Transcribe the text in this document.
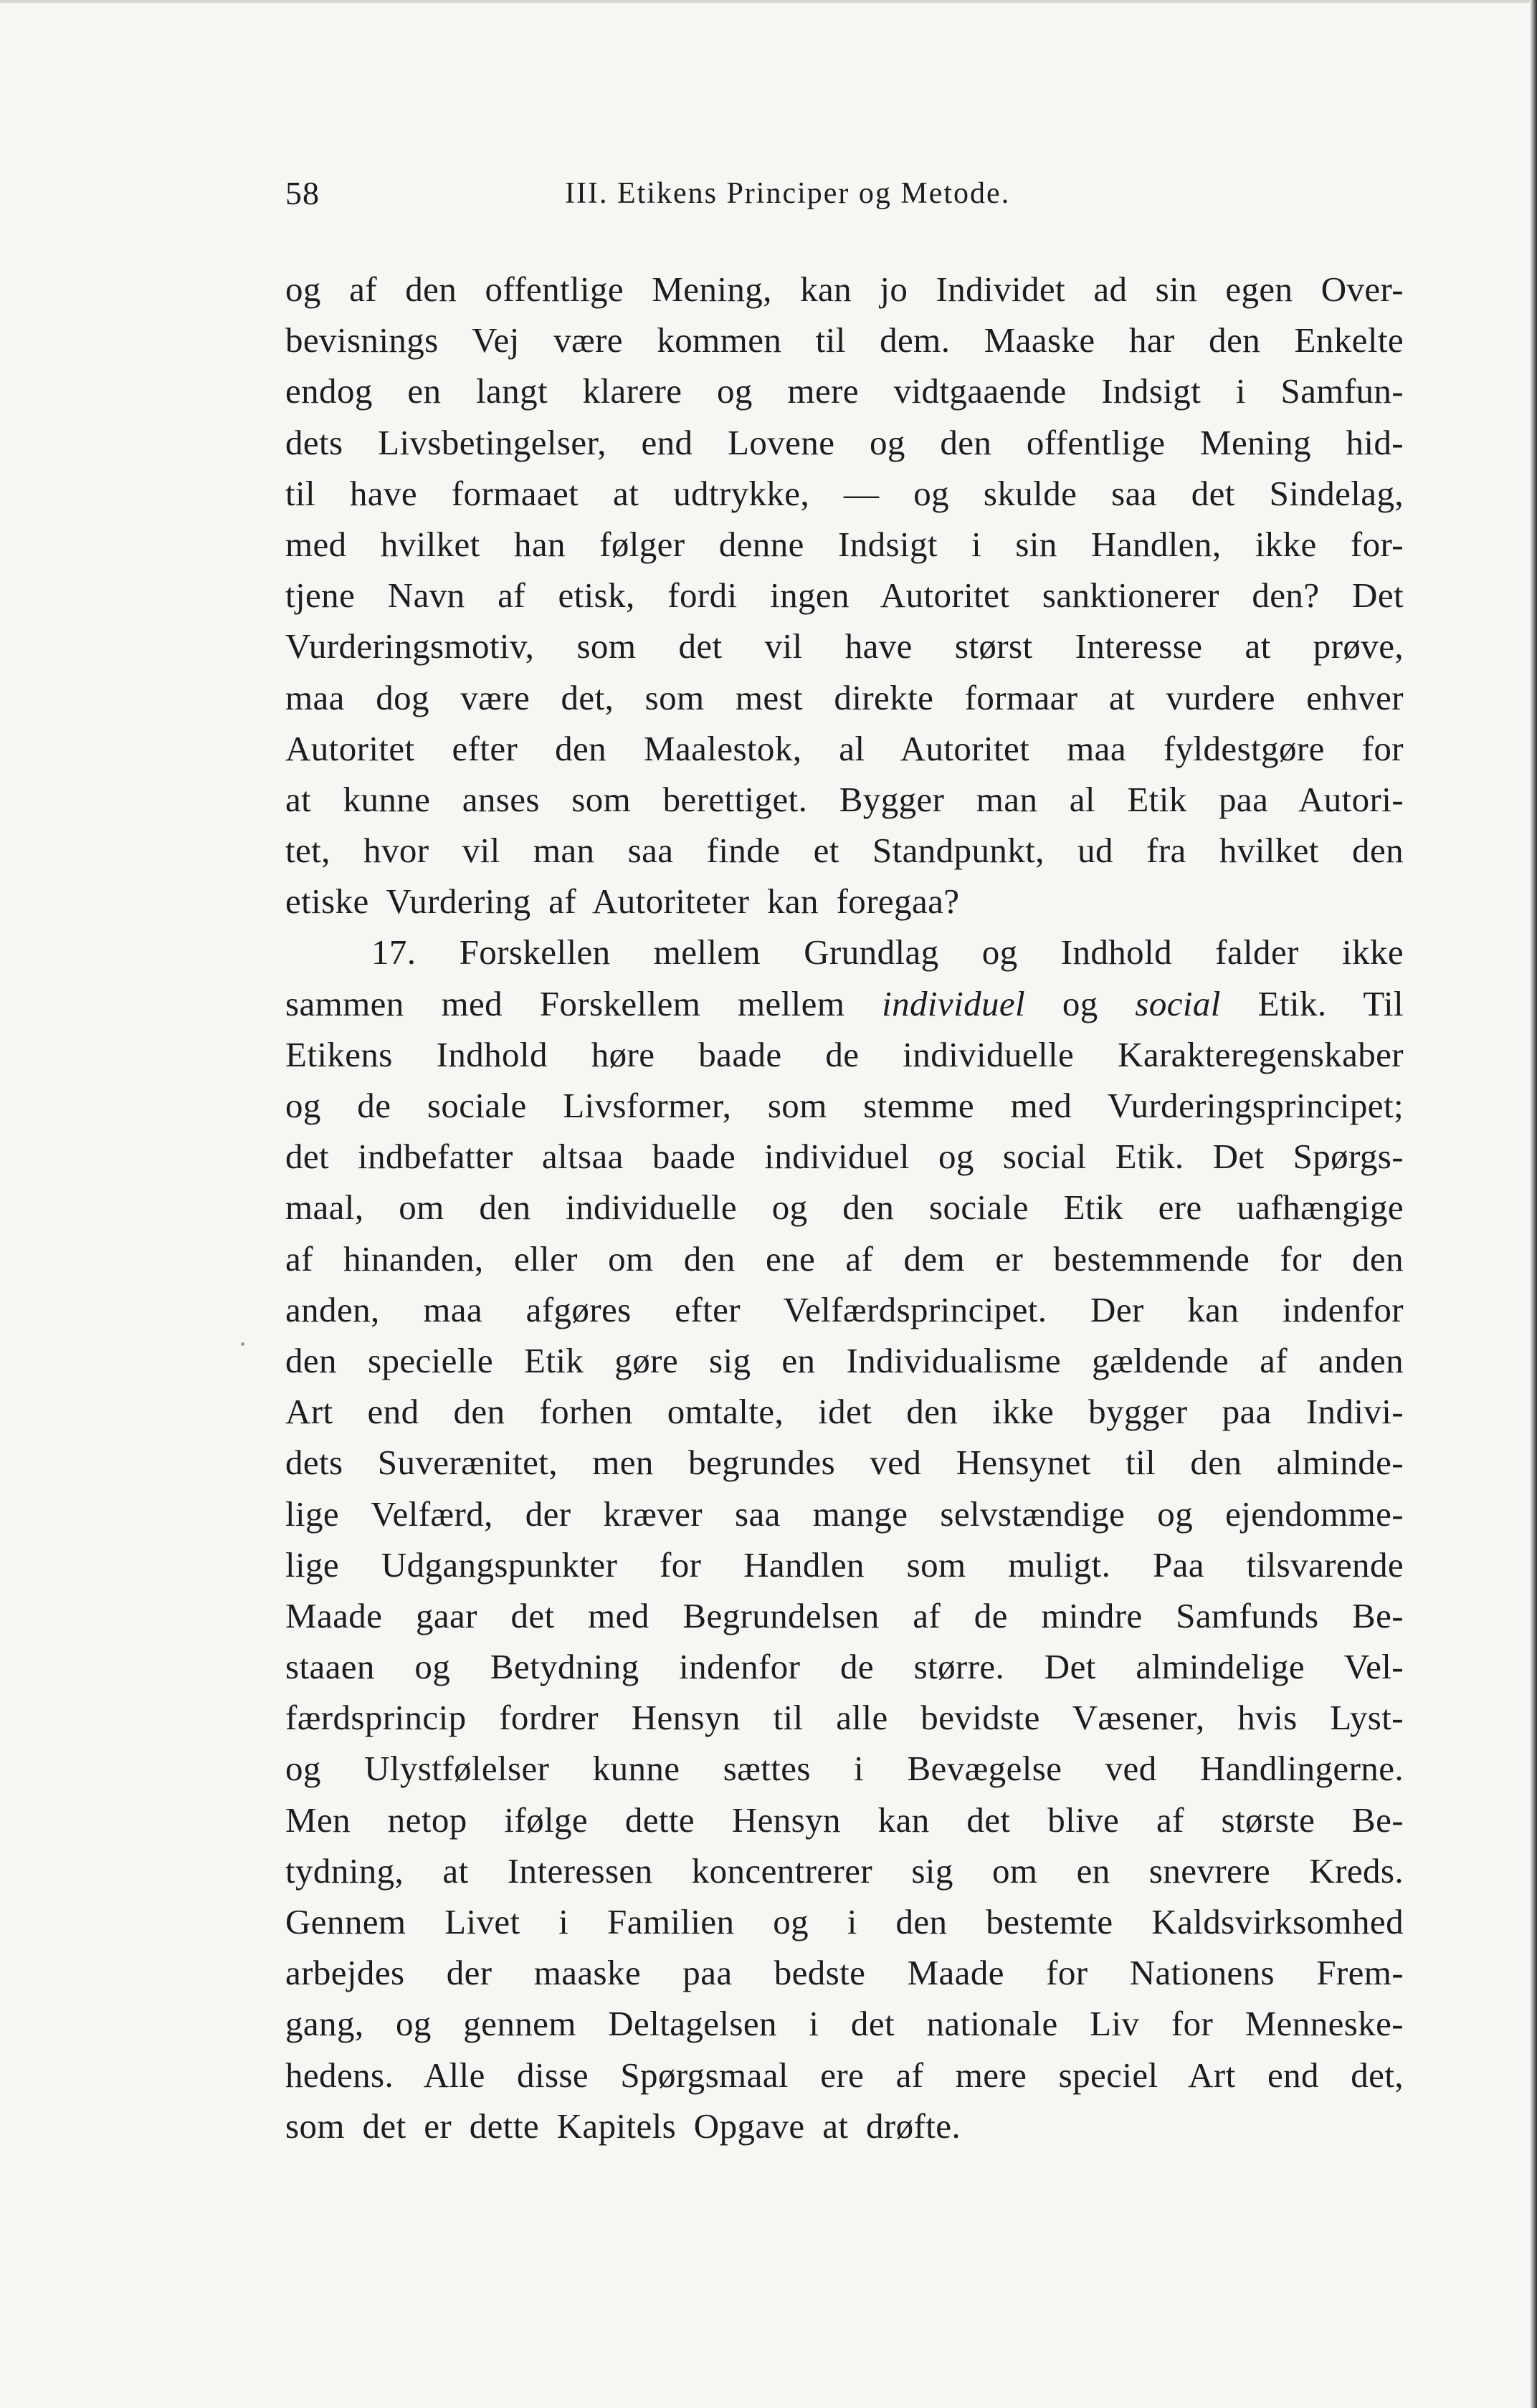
58	III. Etikens Principer og Metode.
og af den offentlige Mening, kan jo Individet ad sin egen Over-
bevisnings Vej være kommen til dem. Maaske har den Enkelte
endog en langt klarere og mere vidtgaaende Indsigt i Samfun-
dets Livsbetingelser, end Lovene og den offentlige Mening hid-
til have formaaet at udtrykke, — og skulde saa det Sindelag,
med hvilket han følger denne Indsigt i sin Handlen, ikke for-
tjene Navn af etisk, fordi ingen Autoritet sanktionerer den? Det
Vurderingsmotiv, som det vil have størst Interesse at prøve,
maa dog være det, som mest direkte formaar at vurdere enhver
Autoritet efter den Maalestok, al Autoritet maa fyldestgøre for
at kunne anses som berettiget. Bygger man al Etik paa Autori-
tet, hvor vil man saa finde et Standpunkt, ud fra hvilket den
etiske Vurdering af Autoriteter kan foregaa?
17. Forskellen mellem Grundlag og Indhold falder ikke
sammen med Forskellem mellem individuel og social Etik. Til
Etikens Indhold høre baade de individuelle Karakteregenskaber
og de sociale Livsformer, som stemme med Vurderingsprincipet;
det indbefatter altsaa baade individuel og social Etik. Det Spørgs-
maal, om den individuelle og den sociale Etik ere uafhængige
af hinanden, eller om den ene af dem er bestemmende for den
anden, maa afgøres efter Velfærdsprincipet. Der kan indenfor
den specielle Etik gøre sig en Individualisme gældende af anden
Art end den forhen omtalte, idet den ikke bygger paa Indivi-
dets Suverænitet, men begrundes ved Hensynet til den alminde-
lige Velfærd, der kræver saa mange selvstændige og ejendomme-
lige Udgangspunkter for Handlen som muligt. Paa tilsvarende
Maade gaar det med Begrundelsen af de mindre Samfunds Be-
staaen og Betydning indenfor de større. Det almindelige Vel-
færdsprincip fordrer Hensyn til alle bevidste Væsener, hvis Lyst-
og Ulystfølelser kunne sættes i Bevægelse ved Handlingerne.
Men netop ifølge dette Hensyn kan det blive af største Be-
tydning, at Interessen koncentrerer sig om en snevrere Kreds.
Gennem Livet i Familien og i den bestemte Kaldsvirksomhed
arbejdes der maaske paa bedste Maade for Nationens Frem-
gang, og gennem Deltagelsen i det nationale Liv for Menneske-
hedens. Alle disse Spørgsmaal ere af mere speciel Art end det,
som det er dette Kapitels Opgave at drøfte.
